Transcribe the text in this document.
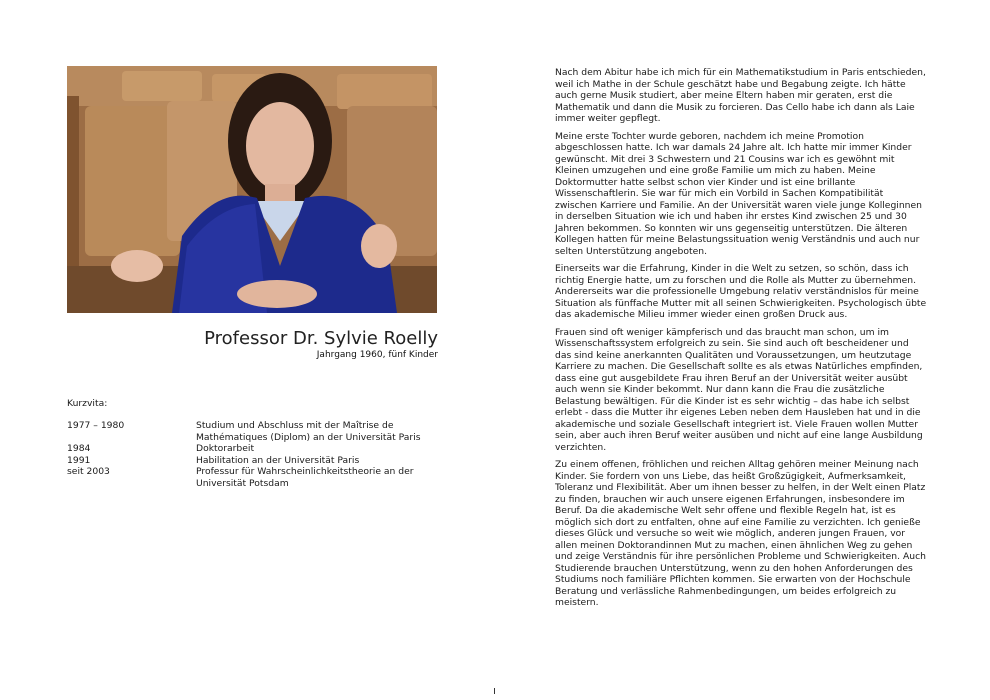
Professor Dr. Sylvie Roelly
Jahrgang 1960, fünf Kinder
Kurzvita:
1977 – 1980	Studium und Abschluss mit der Maîtrise de Mathématiques (Diplom) an der Universität Paris
1984	Doktorarbeit
1991	Habilitation an der Universität Paris
seit 2003	Professur für Wahrscheinlichkeitstheorie an der Universität Potsdam

Nach dem Abitur habe ich mich für ein Mathematikstudium in Paris entschieden, weil ich Mathe in der Schule geschätzt habe und Begabung zeigte. Ich hätte auch gerne Musik studiert, aber meine Eltern haben mir geraten, erst die Mathematik und dann die Musik zu forcieren. Das Cello habe ich dann als Laie immer weiter gepflegt.

Meine erste Tochter wurde geboren, nachdem ich meine Promotion abgeschlossen hatte. Ich war damals 24 Jahre alt. Ich hatte mir immer Kinder gewünscht. Mit drei 3 Schwestern und 21 Cousins war ich es gewöhnt mit Kleinen umzugehen und eine große Familie um mich zu haben. Meine Doktormutter hatte selbst schon vier Kinder und ist eine brillante Wissenschaftlerin. Sie war für mich ein Vorbild in Sachen Kompatibilität zwischen Karriere und Familie. An der Universität waren viele junge Kolleginnen in derselben Situation wie ich und haben ihr erstes Kind zwischen 25 und 30 Jahren bekommen. So konnten wir uns gegenseitig unterstützen. Die älteren Kollegen hatten für meine Belastungssituation wenig Verständnis und auch nur selten Unterstützung angeboten.

Einerseits war die Erfahrung, Kinder in die Welt zu setzen, so schön, dass ich richtig Energie hatte, um zu forschen und die Rolle als Mutter zu übernehmen. Andererseits war die professionelle Umgebung relativ verständnislos für meine Situation als fünffache Mutter mit all seinen Schwierigkeiten. Psychologisch übte das akademische Milieu immer wieder einen großen Druck aus.

Frauen sind oft weniger kämpferisch und das braucht man schon, um im Wissenschaftssystem erfolgreich zu sein. Sie sind auch oft bescheidener und das sind keine anerkannten Qualitäten und Voraussetzungen, um heutzutage Karriere zu machen. Die Gesellschaft sollte es als etwas Natürliches empfinden, dass eine gut ausgebildete Frau ihren Beruf an der Universität weiter ausübt auch wenn sie Kinder bekommt. Nur dann kann die Frau die zusätzliche Belastung bewältigen. Für die Kinder ist es sehr wichtig – das habe ich selbst erlebt - dass die Mutter ihr eigenes Leben neben dem Hausleben hat und in die akademische und soziale Gesellschaft integriert ist. Viele Frauen wollen Mutter sein, aber auch ihren Beruf weiter ausüben und nicht auf eine lange Ausbildung verzichten.

Zu einem offenen, fröhlichen und reichen Alltag gehören meiner Meinung nach Kinder. Sie fordern von uns Liebe, das heißt Großzügigkeit, Aufmerksamkeit, Toleranz und Flexibilität. Aber um ihnen besser zu helfen, in der Welt einen Platz zu finden, brauchen wir auch unsere eigenen Erfahrungen, insbesondere im Beruf. Da die akademische Welt sehr offene und flexible Regeln hat, ist es möglich sich dort zu entfalten, ohne auf eine Familie zu verzichten. Ich genieße dieses Glück und versuche so weit wie möglich, anderen jungen Frauen, vor allen meinen Doktorandinnen Mut zu machen, einen ähnlichen Weg zu gehen und zeige Verständnis für ihre persönlichen Probleme und Schwierigkeiten. Auch Studierende brauchen Unterstützung, wenn zu den hohen Anforderungen des Studiums noch familiäre Pflichten kommen. Sie erwarten von der Hochschule Beratung und verlässliche Rahmenbedingungen, um beides erfolgreich zu meistern.
